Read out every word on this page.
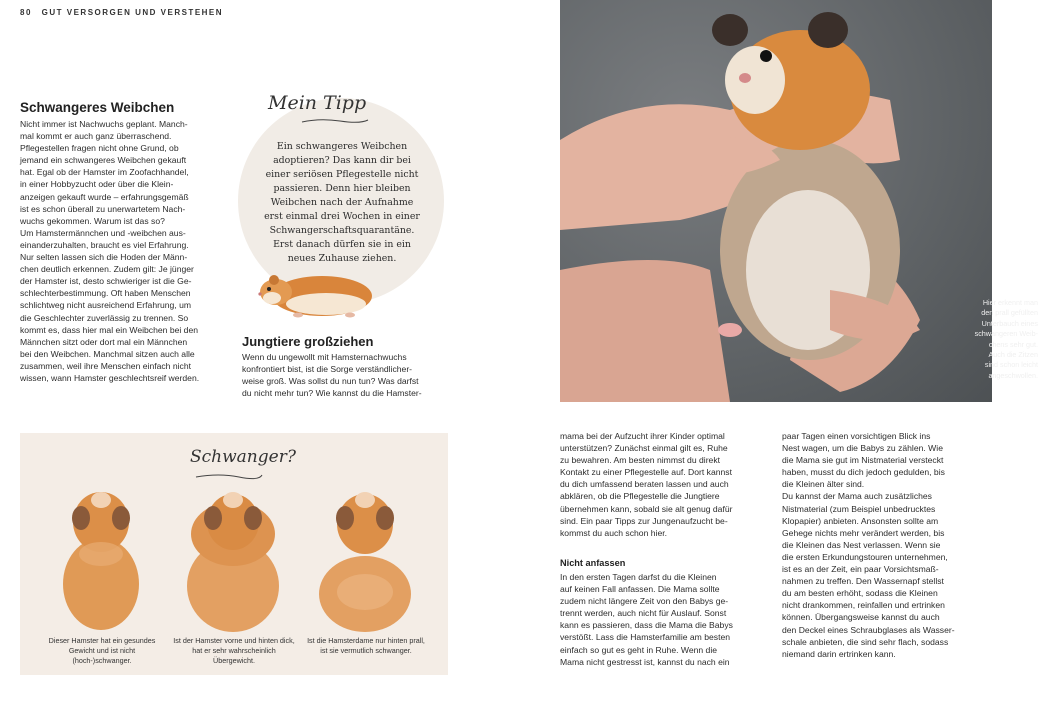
80 GUT VERSORGEN UND VERSTEHEN
Schwangeres Weibchen

Nicht immer ist Nachwuchs geplant. Manch-
mal kommt er auch ganz überraschend.
Pflegestellen fragen nicht ohne Grund, ob
jemand ein schwangeres Weibchen gekauft
hat. Egal ob der Hamster im Zoofachhandel,
in einer Hobbyzucht oder über die Klein-
anzeigen gekauft wurde – erfahrungsgemäß
ist es schon überall zu unerwartetem Nach-
wuchs gekommen. Warum ist das so?
Um Hamstermännchen und -weibchen aus-
einanderzuhalten, braucht es viel Erfahrung.
Nur selten lassen sich die Hoden der Männ-
chen deutlich erkennen. Zudem gilt: Je jünger
der Hamster ist, desto schwieriger ist die Ge-
schlechterbestimmung. Oft haben Menschen
schlichtweg nicht ausreichend Erfahrung, um
die Geschlechter zuverlässig zu trennen. So
kommt es, dass hier mal ein Weibchen bei den
Männchen sitzt oder dort mal ein Männchen
bei den Weibchen. Manchmal sitzen auch alle
zusammen, weil ihre Menschen einfach nicht
wissen, wann Hamster geschlechtsreif werden.

Mein Tipp

Ein schwangeres Weibchen
adoptieren? Das kann dir bei
einer seriösen Pflegestelle nicht
passieren. Denn hier bleiben
Weibchen nach der Aufnahme
erst einmal drei Wochen in einer
Schwangerschaftsquarantäne.
Erst danach dürfen sie in ein
neues Zuhause ziehen.

Jungtiere großziehen

Wenn du ungewollt mit Hamsternachwuchs
konfrontiert bist, ist die Sorge verständlicher-
weise groß. Was sollst du nun tun? Was darfst
du nicht mehr tun? Wie kannst du die Hamster-

Schwanger?

Dieser Hamster hat ein gesundes Gewicht und ist nicht (hoch-)schwanger.

Ist der Hamster vorne und hinten dick, hat er sehr wahrscheinlich Übergewicht.

Ist die Hamsterdame nur hinten prall, ist sie vermutlich schwanger.

Hier erkennt man
den prall gefüllten
Unterbauch eines
schwangeren Weib-
chens sehr gut.
Auch die Zitzen
sind schon leicht
angeschwollen.

mama bei der Aufzucht ihrer Kinder optimal
unterstützen? Zunächst einmal gilt es, Ruhe
zu bewahren. Am besten nimmst du direkt
Kontakt zu einer Pflegestelle auf. Dort kannst
du dich umfassend beraten lassen und auch
abklären, ob die Pflegestelle die Jungtiere
übernehmen kann, sobald sie alt genug dafür
sind. Ein paar Tipps zur Jungenaufzucht be-
kommst du auch schon hier.

Nicht anfassen

In den ersten Tagen darfst du die Kleinen
auf keinen Fall anfassen. Die Mama sollte
zudem nicht längere Zeit von den Babys ge-
trennt werden, auch nicht für Auslauf. Sonst
kann es passieren, dass die Mama die Babys
verstößt. Lass die Hamsterfamilie am besten
einfach so gut es geht in Ruhe. Wenn die
Mama nicht gestresst ist, kannst du nach ein

paar Tagen einen vorsichtigen Blick ins
Nest wagen, um die Babys zu zählen. Wie
die Mama sie gut im Nistmaterial versteckt
haben, musst du dich jedoch gedulden, bis
die Kleinen älter sind.
Du kannst der Mama auch zusätzliches
Nistmaterial (zum Beispiel unbedrucktes
Klopapier) anbieten. Ansonsten sollte am
Gehege nichts mehr verändert werden, bis
die Kleinen das Nest verlassen. Wenn sie
die ersten Erkundungstouren unternehmen,
ist es an der Zeit, ein paar Vorsichtsmaß-
nahmen zu treffen. Den Wassernapf stellst
du am besten erhöht, sodass die Kleinen
nicht drankommen, reinfallen und ertrinken
können. Übergangsweise kannst du auch
den Deckel eines Schraubglases als Wasser-
schale anbieten, die sind sehr flach, sodass
niemand darin ertrinken kann.
